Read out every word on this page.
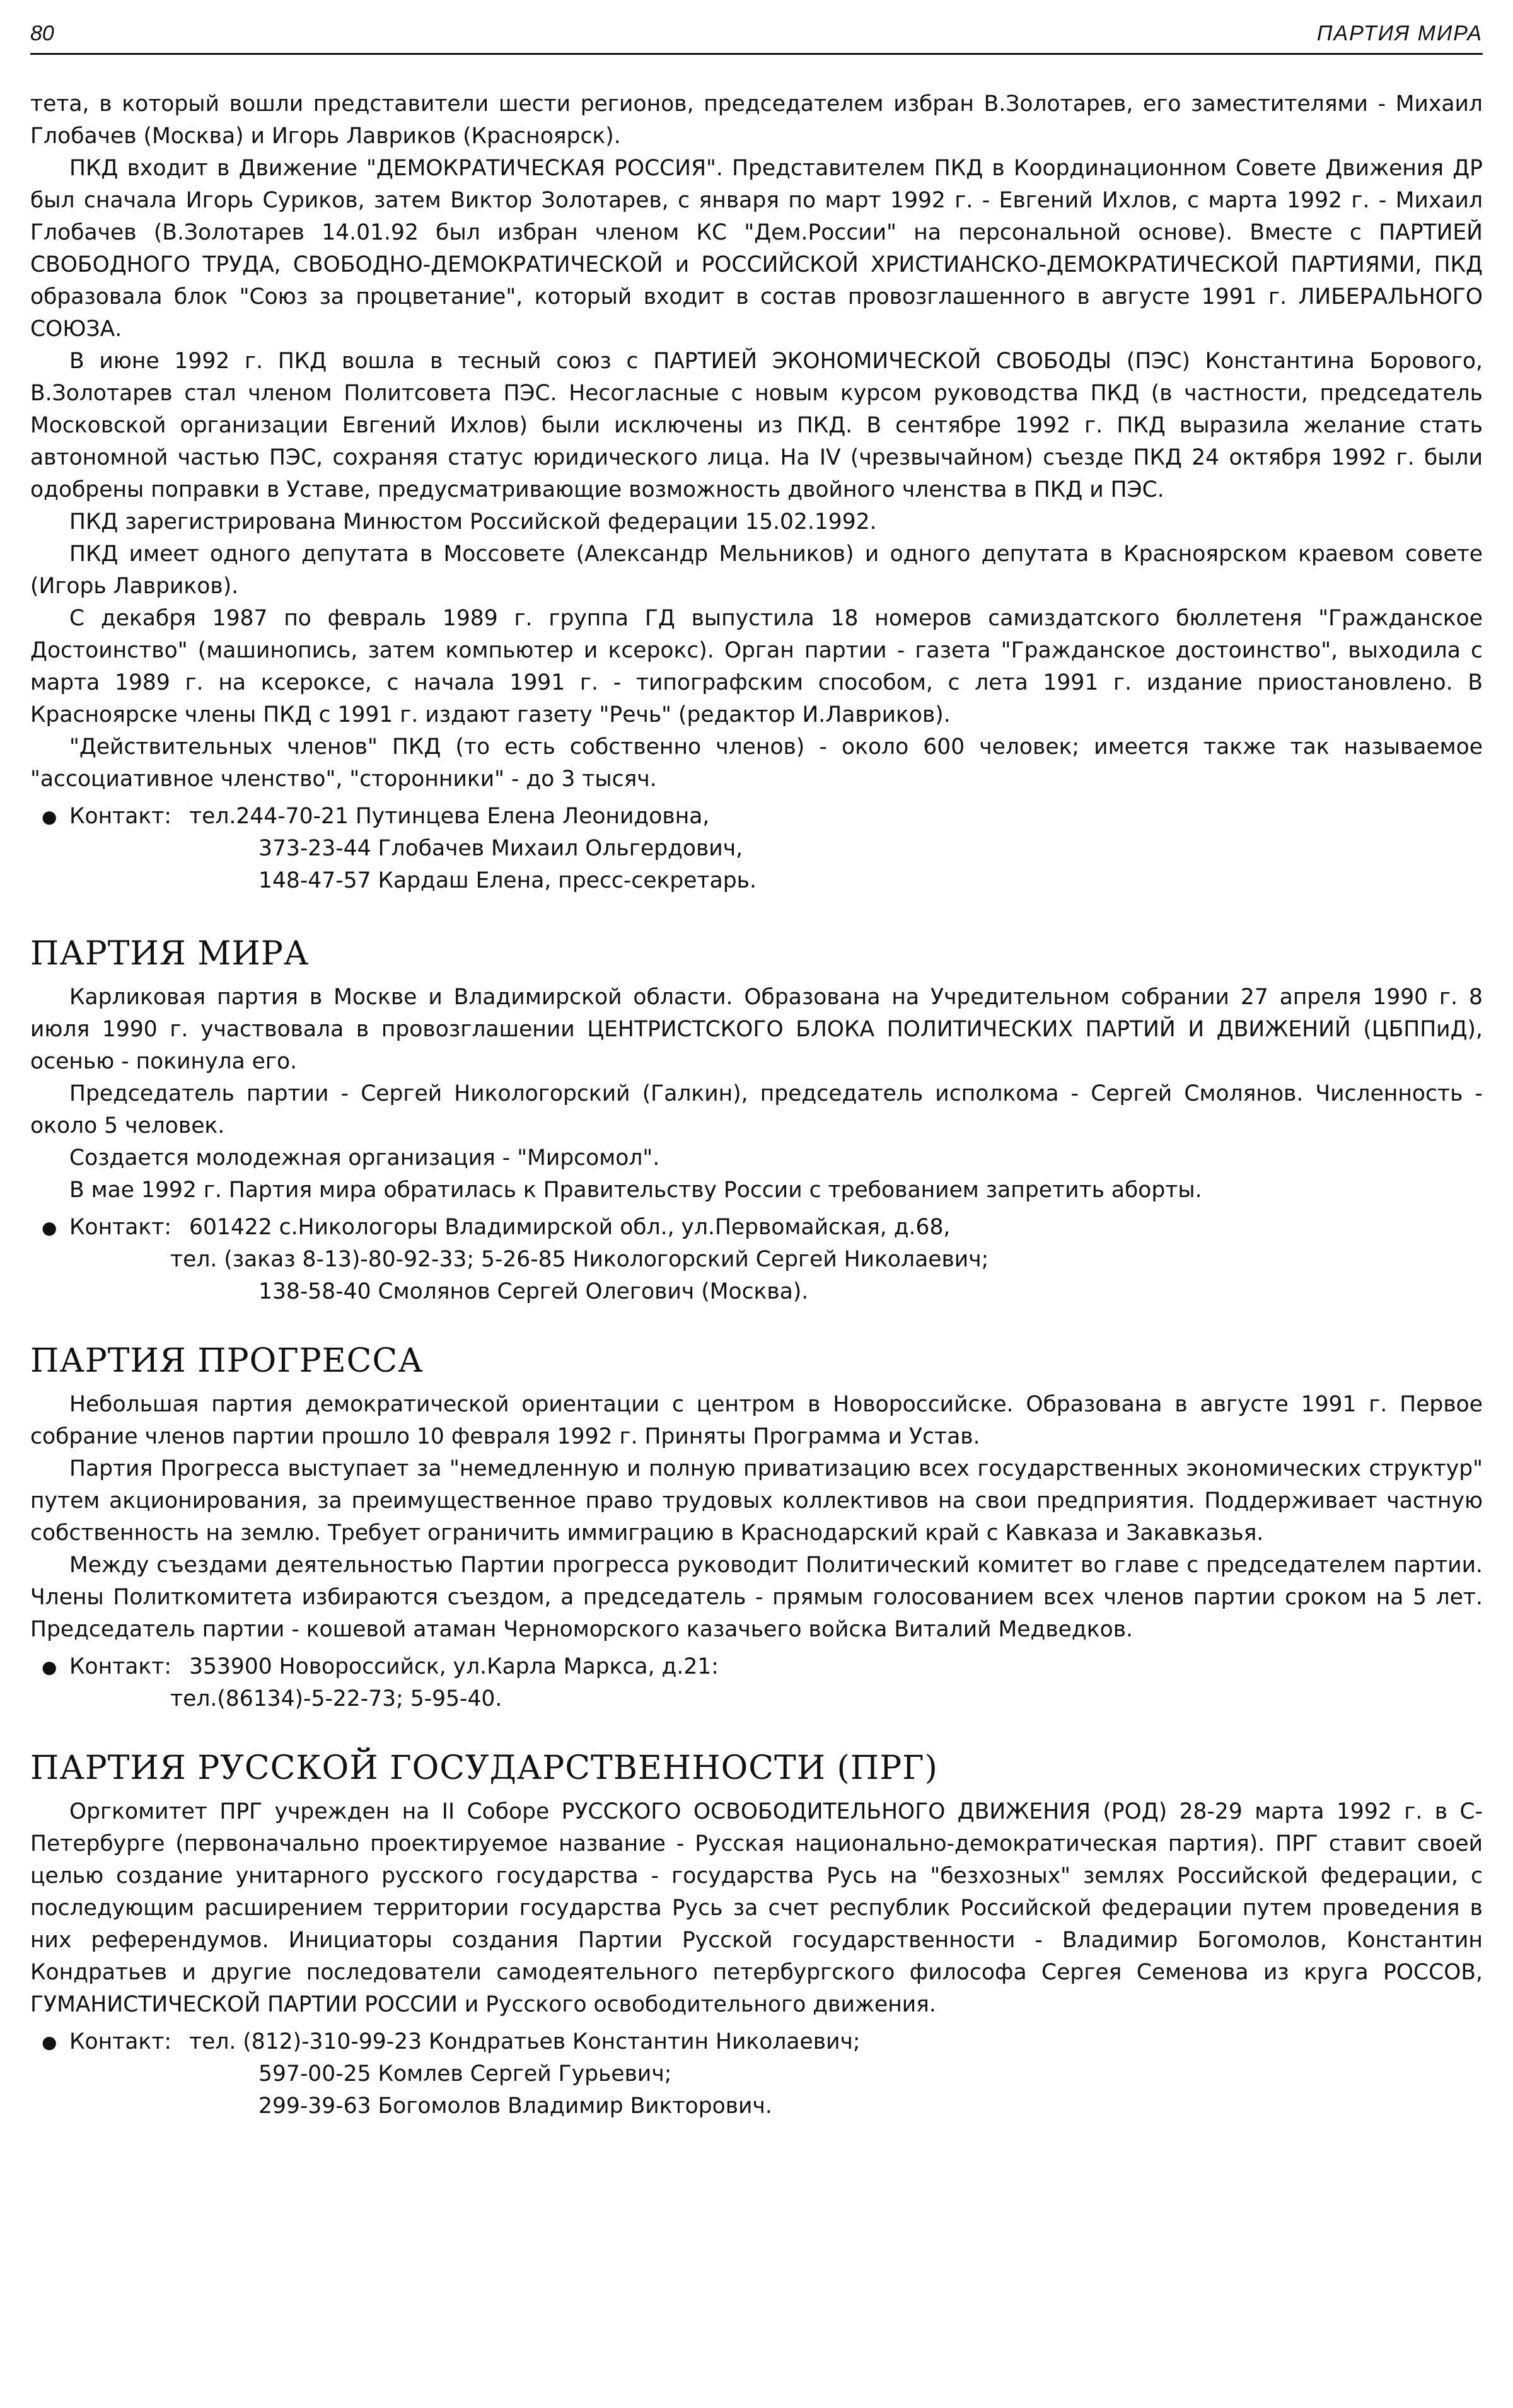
80	ПАРТИЯ МИРА

тета, в который вошли представители шести регионов, председателем избран В.Золотарев, его заместителями - Михаил Глобачев (Москва) и Игорь Лавриков (Красноярск).

ПКД входит в Движение "ДЕМОКРАТИЧЕСКАЯ РОССИЯ". Представителем ПКД в Координационном Совете Движения ДР был сначала Игорь Суриков, затем Виктор Золотарев, с января по март 1992 г. - Евгений Ихлов, с марта 1992 г. - Михаил Глобачев (В.Золотарев 14.01.92 был избран членом КС "Дем.России" на персональной основе). Вместе с ПАРТИЕЙ СВОБОДНОГО ТРУДА, СВОБОДНО-ДЕМОКРАТИЧЕСКОЙ и РОССИЙСКОЙ ХРИСТИАНСКО-ДЕМОКРАТИЧЕСКОЙ ПАРТИЯМИ, ПКД образовала блок "Союз за процветание", который входит в состав провозглашенного в августе 1991 г. ЛИБЕРАЛЬНОГО СОЮЗА.

В июне 1992 г. ПКД вошла в тесный союз с ПАРТИЕЙ ЭКОНОМИЧЕСКОЙ СВОБОДЫ (ПЭС) Константина Борового, В.Золотарев стал членом Политсовета ПЭС. Несогласные с новым курсом руководства ПКД (в частности, председатель Московской организации Евгений Ихлов) были исключены из ПКД. В сентябре 1992 г. ПКД выразила желание стать автономной частью ПЭС, сохраняя статус юридического лица. На IV (чрезвычайном) съезде ПКД 24 октября 1992 г. были одобрены поправки в Уставе, предусматривающие возможность двойного членства в ПКД и ПЭС.

ПКД зарегистрирована Минюстом Российской федерации 15.02.1992.

ПКД имеет одного депутата в Моссовете (Александр Мельников) и одного депутата в Красноярском краевом совете (Игорь Лавриков).

С декабря 1987 по февраль 1989 г. группа ГД выпустила 18 номеров самиздатского бюллетеня "Гражданское Достоинство" (машинопись, затем компьютер и ксерокс). Орган партии - газета "Гражданское достоинство", выходила с марта 1989 г. на ксероксе, с начала 1991 г. - типографским способом, с лета 1991 г. издание приостановлено. В Красноярске члены ПКД с 1991 г. издают газету "Речь" (редактор И.Лавриков).

"Действительных членов" ПКД (то есть собственно членов) - около 600 человек; имеется также так называемое "ассоциативное членство", "сторонники" - до 3 тысяч.

● Контакт: тел.244-70-21 Путинцева Елена Леонидовна,
373-23-44 Глобачев Михаил Ольгердович,
148-47-57 Кардаш Елена, пресс-секретарь.
ПАРТИЯ МИРА

Карликовая партия в Москве и Владимирской области. Образована на Учредительном собрании 27 апреля 1990 г. 8 июля 1990 г. участвовала в провозглашении ЦЕНТРИСТСКОГО БЛОКА ПОЛИТИЧЕСКИХ ПАРТИЙ И ДВИЖЕНИЙ (ЦБППиД), осенью - покинула его.

Председатель партии - Сергей Никологорский (Галкин), председатель исполкома - Сергей Смолянов. Численность - около 5 человек.

Создается молодежная организация - "Мирсомол".

В мае 1992 г. Партия мира обратилась к Правительству России с требованием запретить аборты.

● Контакт: 601422 с.Никологоры Владимирской обл., ул.Первомайская, д.68,
тел. (заказ 8-13)-80-92-33; 5-26-85 Никологорский Сергей Николаевич;
138-58-40 Смолянов Сергей Олегович (Москва).
ПАРТИЯ ПРОГРЕССА

Небольшая партия демократической ориентации с центром в Новороссийске. Образована в августе 1991 г. Первое собрание членов партии прошло 10 февраля 1992 г. Приняты Программа и Устав.

Партия Прогресса выступает за "немедленную и полную приватизацию всех государственных экономических структур" путем акционирования, за преимущественное право трудовых коллективов на свои предприятия. Поддерживает частную собственность на землю. Требует ограничить иммиграцию в Краснодарский край с Кавказа и Закавказья.

Между съездами деятельностью Партии прогресса руководит Политический комитет во главе с председателем партии. Члены Политкомитета избираются съездом, а председатель - прямым голосованием всех членов партии сроком на 5 лет. Председатель партии - кошевой атаман Черноморского казачьего войска Виталий Медведков.

● Контакт: 353900 Новороссийск, ул.Карла Маркса, д.21:
тел.(86134)-5-22-73; 5-95-40.
ПАРТИЯ РУССКОЙ ГОСУДАРСТВЕННОСТИ (ПРГ)

Оргкомитет ПРГ учрежден на II Соборе РУССКОГО ОСВОБОДИТЕЛЬНОГО ДВИЖЕНИЯ (РОД) 28-29 марта 1992 г. в С-Петербурге (первоначально проектируемое название - Русская национально-демократическая партия). ПРГ ставит своей целью создание унитарного русского государства - государства Русь на "безхозных" землях Российской федерации, с последующим расширением территории государства Русь за счет республик Российской федерации путем проведения в них референдумов. Инициаторы создания Партии Русской государственности - Владимир Богомолов, Константин Кондратьев и другие последователи самодеятельного петербургского философа Сергея Семенова из круга РОССОВ, ГУМАНИСТИЧЕСКОЙ ПАРТИИ РОССИИ и Русского освободительного движения.

● Контакт: тел. (812)-310-99-23 Кондратьев Константин Николаевич;
597-00-25 Комлев Сергей Гурьевич;
299-39-63 Богомолов Владимир Викторович.
